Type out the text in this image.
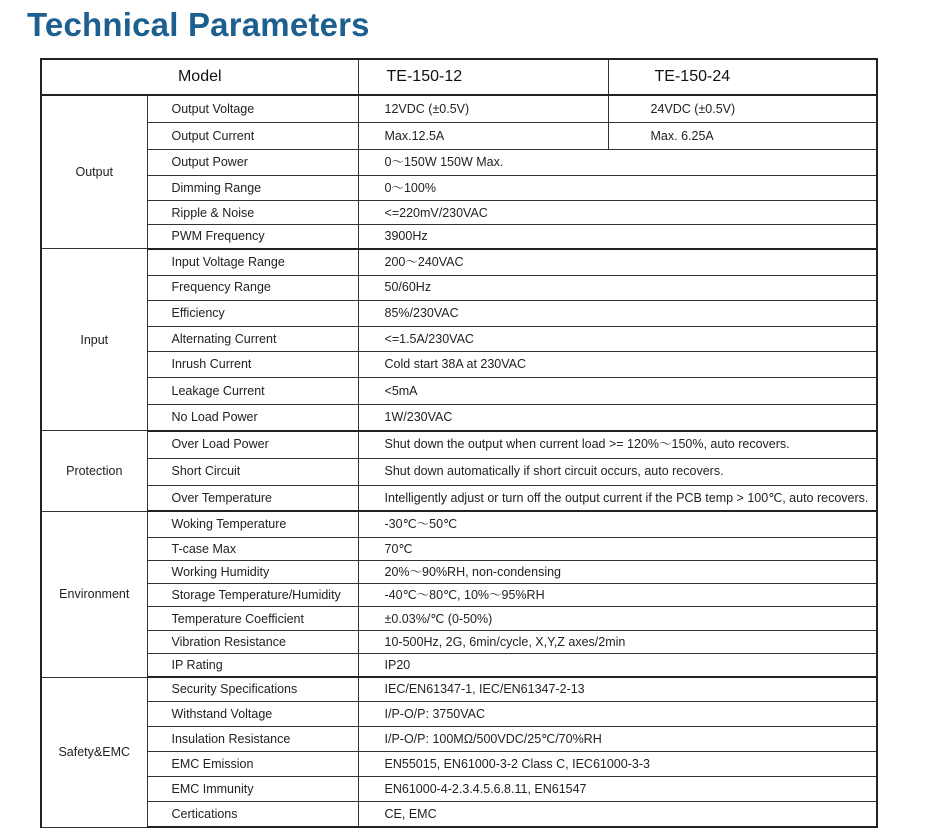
Technical Parameters
Model		TE-150-12	TE-150-24
Output	Output Voltage	12VDC (±0.5V)	24VDC (±0.5V)
	Output Current	Max.12.5A	Max. 6.25A
	Output Power	0～150W 150W Max.	
	Dimming Range	0～100%	
	Ripple & Noise	<=220mV/230VAC	
	PWM Frequency	3900Hz	
Input	Input Voltage Range	200～240VAC	
	Frequency Range	50/60Hz	
	Efficiency	85%/230VAC	
	Alternating Current	<=1.5A/230VAC	
	Inrush Current	Cold start 38A at 230VAC	
	Leakage Current	<5mA	
	No Load Power	1W/230VAC	
Protection	Over Load Power	Shut down the output when current load >= 120%～150%, auto recovers.	
	Short Circuit	Shut down automatically if short circuit occurs, auto recovers.	
	Over Temperature	Intelligently adjust or turn off the output current if the PCB temp > 100℃, auto recovers.	
Environment	Woking Temperature	-30℃～50℃	
	T-case Max	70℃	
	Working Humidity	20%～90%RH, non-condensing	
	Storage Temperature/Humidity	-40℃～80℃, 10%～95%RH	
	Temperature Coefficient	±0.03%/℃ (0-50%)	
	Vibration Resistance	10-500Hz, 2G, 6min/cycle, X,Y,Z axes/2min	
	IP Rating	IP20	
Safety&EMC	Security Specifications	IEC/EN61347-1, IEC/EN61347-2-13	
	Withstand Voltage	I/P-O/P: 3750VAC	
	Insulation Resistance	I/P-O/P: 100MΩ/500VDC/25℃/70%RH	
	EMC Emission	EN55015, EN61000-3-2 Class C, IEC61000-3-3	
	EMC Immunity	EN61000-4-2.3.4.5.6.8.11, EN61547	
	Certications	CE, EMC	
